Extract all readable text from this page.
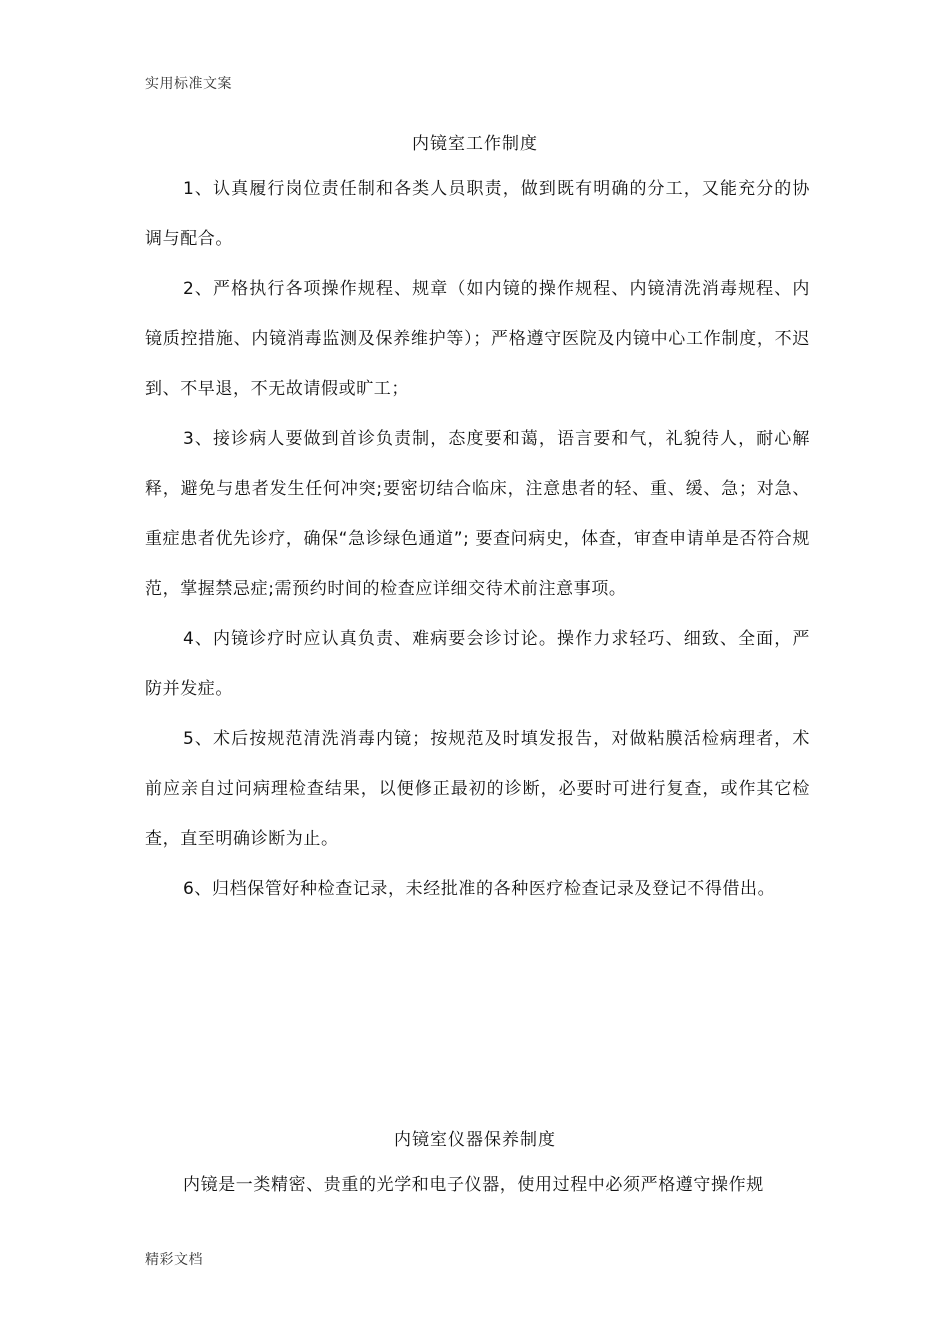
实用标准文案
内镜室工作制度

1、认真履行岗位责任制和各类人员职责，做到既有明确的分工，又能充分的协调与配合。

2、严格执行各项操作规程、规章（如内镜的操作规程、内镜清洗消毒规程、内镜质控措施、内镜消毒监测及保养维护等）；严格遵守医院及内镜中心工作制度，不迟到、不早退，不无故请假或旷工；

3、接诊病人要做到首诊负责制，态度要和蔼，语言要和气，礼貌待人，耐心解释，避免与患者发生任何冲突;要密切结合临床，注意患者的轻、重、缓、急；对急、重症患者优先诊疗，确保“急诊绿色通道”; 要查问病史，体查，审查申请单是否符合规范，掌握禁忌症;需预约时间的检查应详细交待术前注意事项。

4、内镜诊疗时应认真负责、难病要会诊讨论。操作力求轻巧、细致、全面，严防并发症。

5、术后按规范清洗消毒内镜；按规范及时填发报告，对做粘膜活检病理者，术前应亲自过问病理检查结果，以便修正最初的诊断，必要时可进行复查，或作其它检查，直至明确诊断为止。

6、归档保管好种检查记录，未经批准的各种医疗检查记录及登记不得借出。

内镜室仪器保养制度

内镜是一类精密、贵重的光学和电子仪器，使用过程中必须严格遵守操作规

精彩文档
